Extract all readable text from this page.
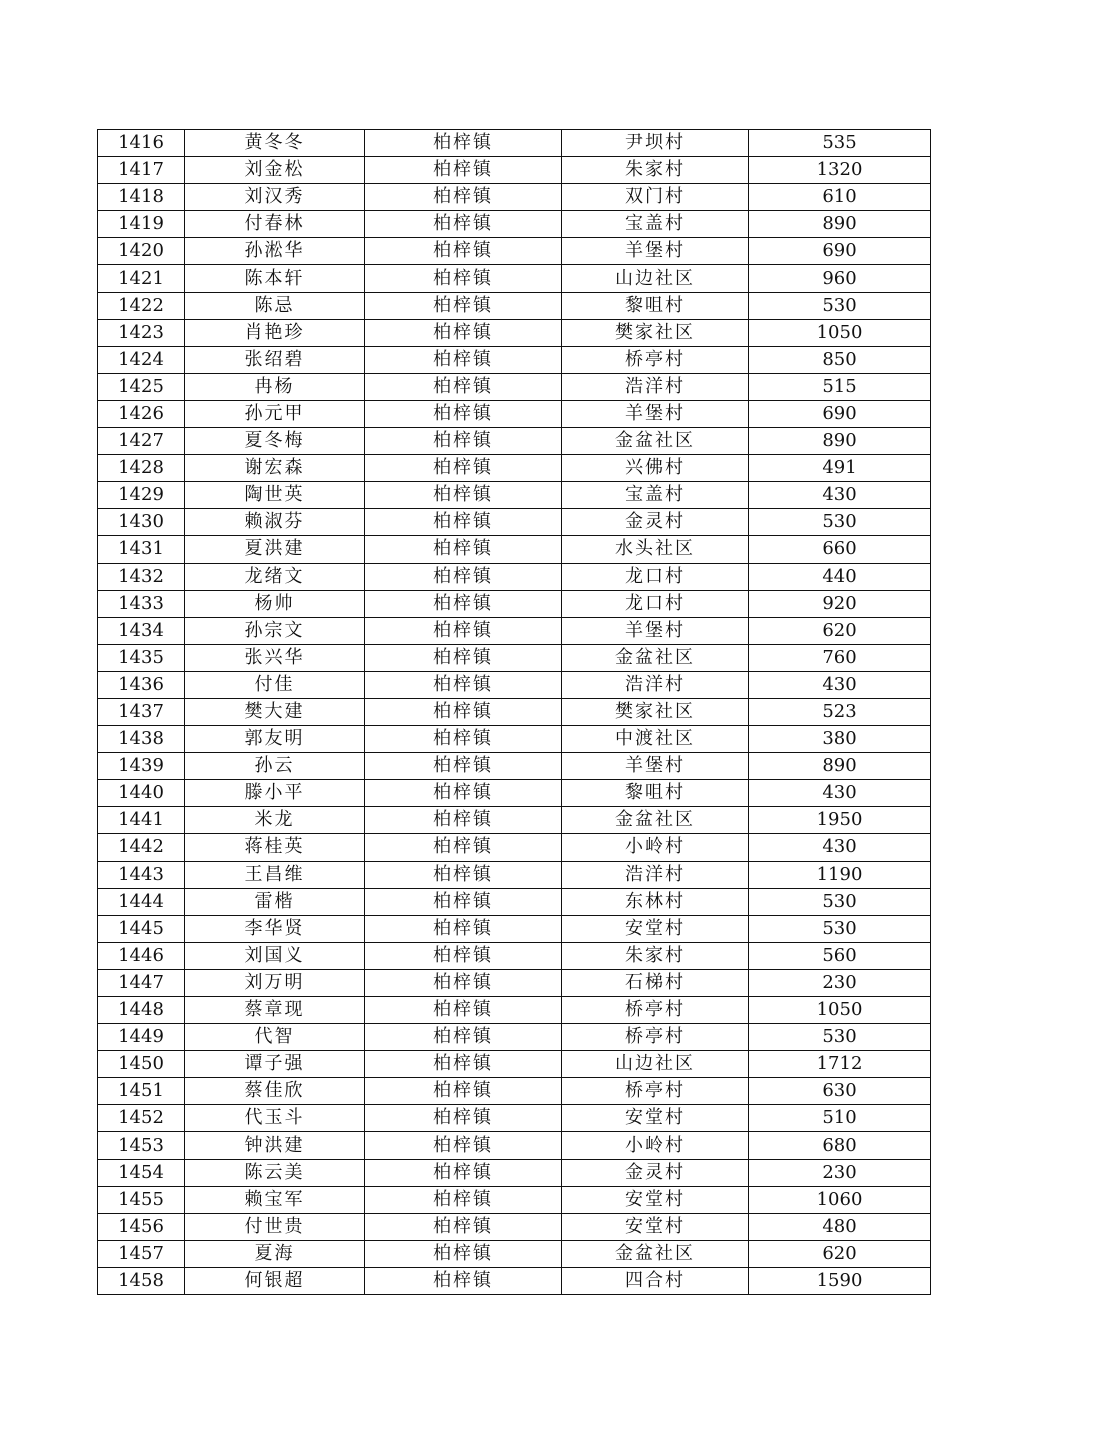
1416	黄冬冬	柏梓镇	尹坝村	535
1417	刘金松	柏梓镇	朱家村	1320
1418	刘汉秀	柏梓镇	双门村	610
1419	付春林	柏梓镇	宝盖村	890
1420	孙淞华	柏梓镇	羊堡村	690
1421	陈本轩	柏梓镇	山边社区	960
1422	陈忌	柏梓镇	黎咀村	530
1423	肖艳珍	柏梓镇	樊家社区	1050
1424	张绍碧	柏梓镇	桥亭村	850
1425	冉杨	柏梓镇	浩洋村	515
1426	孙元甲	柏梓镇	羊堡村	690
1427	夏冬梅	柏梓镇	金盆社区	890
1428	谢宏森	柏梓镇	兴佛村	491
1429	陶世英	柏梓镇	宝盖村	430
1430	赖淑芬	柏梓镇	金灵村	530
1431	夏洪建	柏梓镇	水头社区	660
1432	龙绪文	柏梓镇	龙口村	440
1433	杨帅	柏梓镇	龙口村	920
1434	孙宗文	柏梓镇	羊堡村	620
1435	张兴华	柏梓镇	金盆社区	760
1436	付佳	柏梓镇	浩洋村	430
1437	樊大建	柏梓镇	樊家社区	523
1438	郭友明	柏梓镇	中渡社区	380
1439	孙云	柏梓镇	羊堡村	890
1440	滕小平	柏梓镇	黎咀村	430
1441	米龙	柏梓镇	金盆社区	1950
1442	蒋桂英	柏梓镇	小岭村	430
1443	王昌维	柏梓镇	浩洋村	1190
1444	雷楷	柏梓镇	东林村	530
1445	李华贤	柏梓镇	安堂村	530
1446	刘国义	柏梓镇	朱家村	560
1447	刘万明	柏梓镇	石梯村	230
1448	蔡章现	柏梓镇	桥亭村	1050
1449	代智	柏梓镇	桥亭村	530
1450	谭子强	柏梓镇	山边社区	1712
1451	蔡佳欣	柏梓镇	桥亭村	630
1452	代玉斗	柏梓镇	安堂村	510
1453	钟洪建	柏梓镇	小岭村	680
1454	陈云美	柏梓镇	金灵村	230
1455	赖宝军	柏梓镇	安堂村	1060
1456	付世贵	柏梓镇	安堂村	480
1457	夏海	柏梓镇	金盆社区	620
1458	何银超	柏梓镇	四合村	1590
